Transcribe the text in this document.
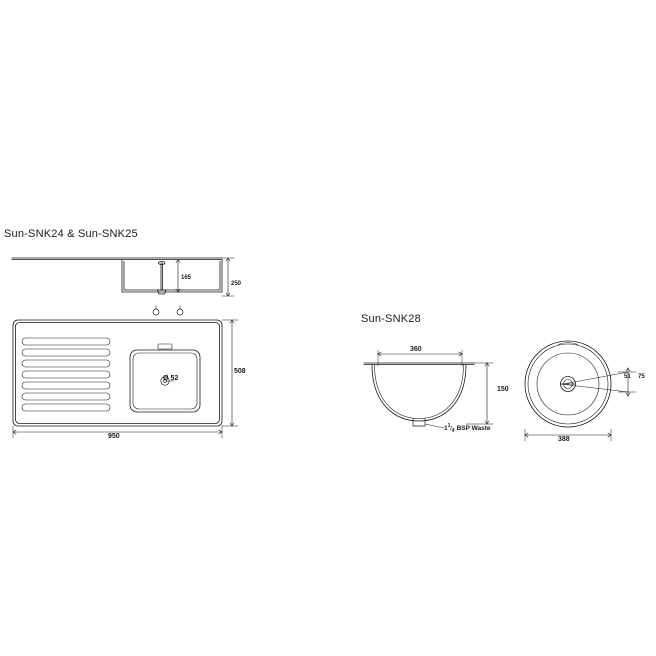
Sun-SNK24 & Sun-SNK25
Sun-SNK28
165
250
950
508
Ø 52
360
150
11/4 BSP Waste
388
51 75
